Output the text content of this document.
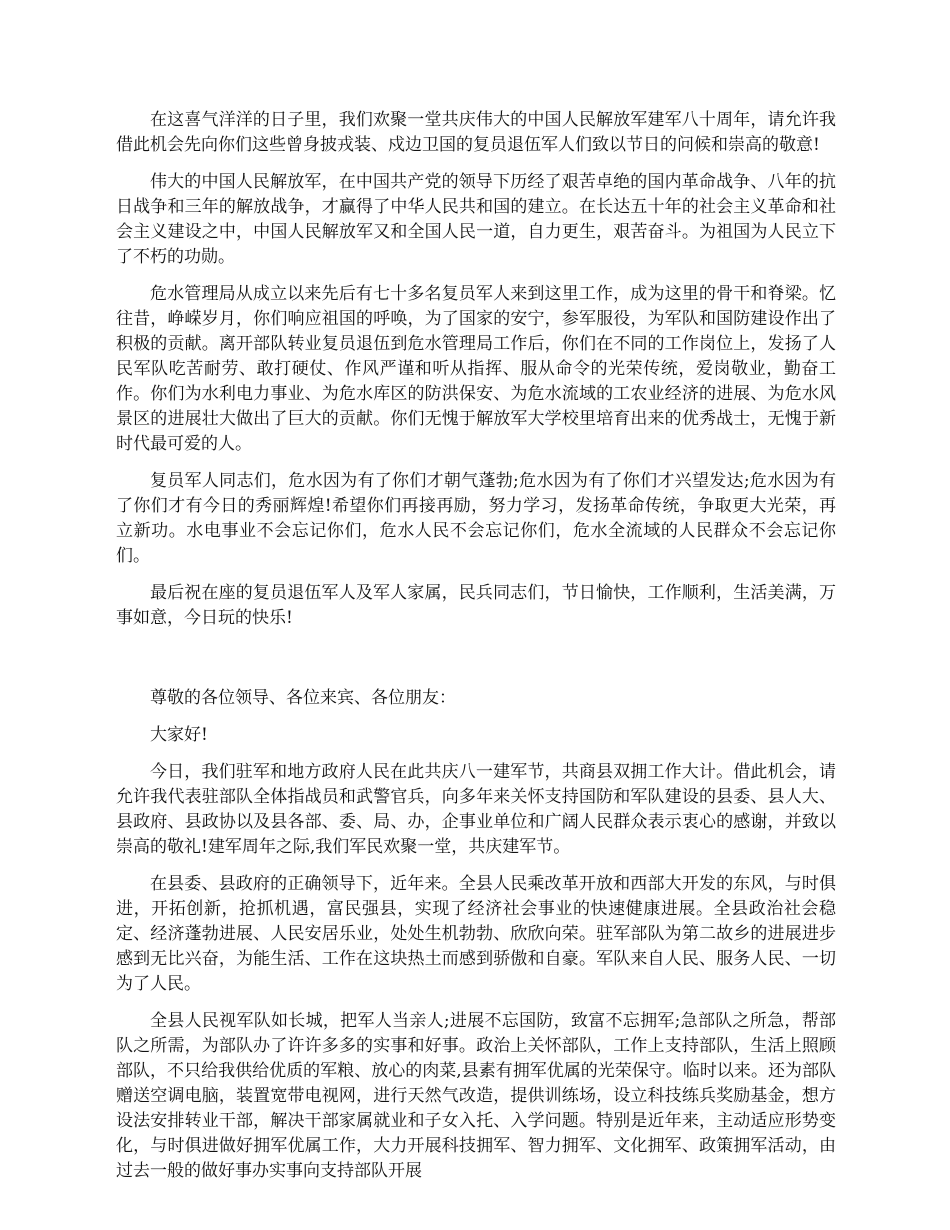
在这喜气洋洋的日子里，我们欢聚一堂共庆伟大的中国人民解放军建军八十周年，请允许我借此机会先向你们这些曾身披戎装、戍边卫国的复员退伍军人们致以节日的问候和崇高的敬意!

伟大的中国人民解放军，在中国共产党的领导下历经了艰苦卓绝的国内革命战争、八年的抗日战争和三年的解放战争，才赢得了中华人民共和国的建立。在长达五十年的社会主义革命和社会主义建设之中，中国人民解放军又和全国人民一道，自力更生，艰苦奋斗。为祖国为人民立下了不朽的功勋。

危水管理局从成立以来先后有七十多名复员军人来到这里工作，成为这里的骨干和脊梁。忆往昔，峥嵘岁月，你们响应祖国的呼唤，为了国家的安宁，参军服役，为军队和国防建设作出了积极的贡献。离开部队转业复员退伍到危水管理局工作后，你们在不同的工作岗位上，发扬了人民军队吃苦耐劳、敢打硬仗、作风严谨和听从指挥、服从命令的光荣传统，爱岗敬业，勤奋工作。你们为水利电力事业、为危水库区的防洪保安、为危水流域的工农业经济的进展、为危水风景区的进展壮大做出了巨大的贡献。你们无愧于解放军大学校里培育出来的优秀战士，无愧于新时代最可爱的人。

复员军人同志们，危水因为有了你们才朝气蓬勃;危水因为有了你们才兴望发达;危水因为有了你们才有今日的秀丽辉煌!希望你们再接再励，努力学习，发扬革命传统，争取更大光荣，再立新功。水电事业不会忘记你们，危水人民不会忘记你们，危水全流域的人民群众不会忘记你们。

最后祝在座的复员退伍军人及军人家属，民兵同志们，节日愉快，工作顺利，生活美满，万事如意，今日玩的快乐!

尊敬的各位领导、各位来宾、各位朋友：

大家好!

今日，我们驻军和地方政府人民在此共庆八一建军节，共商县双拥工作大计。借此机会，请允许我代表驻部队全体指战员和武警官兵，向多年来关怀支持国防和军队建设的县委、县人大、县政府、县政协以及县各部、委、局、办，企事业单位和广阔人民群众表示衷心的感谢，并致以崇高的敬礼!建军周年之际,我们军民欢聚一堂，共庆建军节。

在县委、县政府的正确领导下，近年来。全县人民乘改革开放和西部大开发的东风，与时俱进，开拓创新，抢抓机遇，富民强县，实现了经济社会事业的快速健康进展。全县政治社会稳定、经济蓬勃进展、人民安居乐业，处处生机勃勃、欣欣向荣。驻军部队为第二故乡的进展进步感到无比兴奋，为能生活、工作在这块热土而感到骄傲和自豪。军队来自人民、服务人民、一切为了人民。

全县人民视军队如长城，把军人当亲人;进展不忘国防，致富不忘拥军;急部队之所急，帮部队之所需，为部队办了许许多多的实事和好事。政治上关怀部队，工作上支持部队，生活上照顾部队，不只给我供给优质的军粮、放心的肉菜,县素有拥军优属的光荣保守。临时以来。还为部队赠送空调电脑，装置宽带电视网，进行天然气改造，提供训练场，设立科技练兵奖励基金，想方设法安排转业干部，解决干部家属就业和子女入托、入学问题。特别是近年来，主动适应形势变化，与时俱进做好拥军优属工作，大力开展科技拥军、智力拥军、文化拥军、政策拥军活动，由过去一般的做好事办实事向支持部队开展
